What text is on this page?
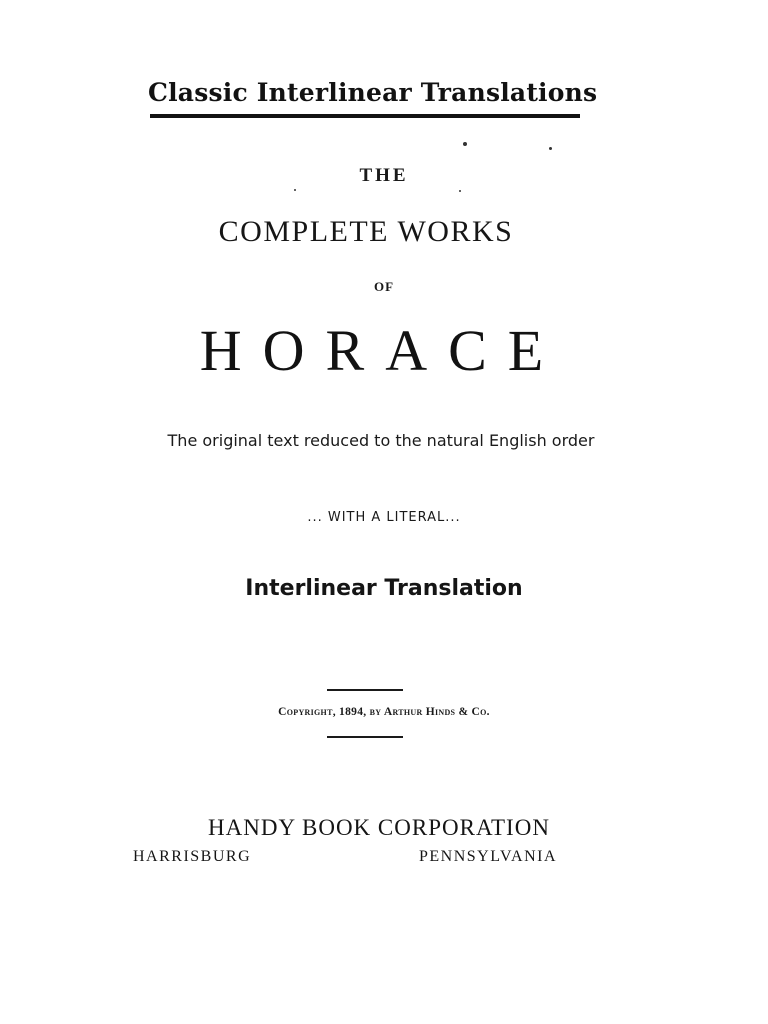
Classic Interlinear Translations
THE
COMPLETE WORKS
OF
HORACE
The original text reduced to the natural English order
... WITH A LITERAL...
Interlinear Translation
Copyright, 1894, by Arthur Hinds & Co.
HANDY BOOK CORPORATION
HARRISBURG	PENNSYLVANIA
